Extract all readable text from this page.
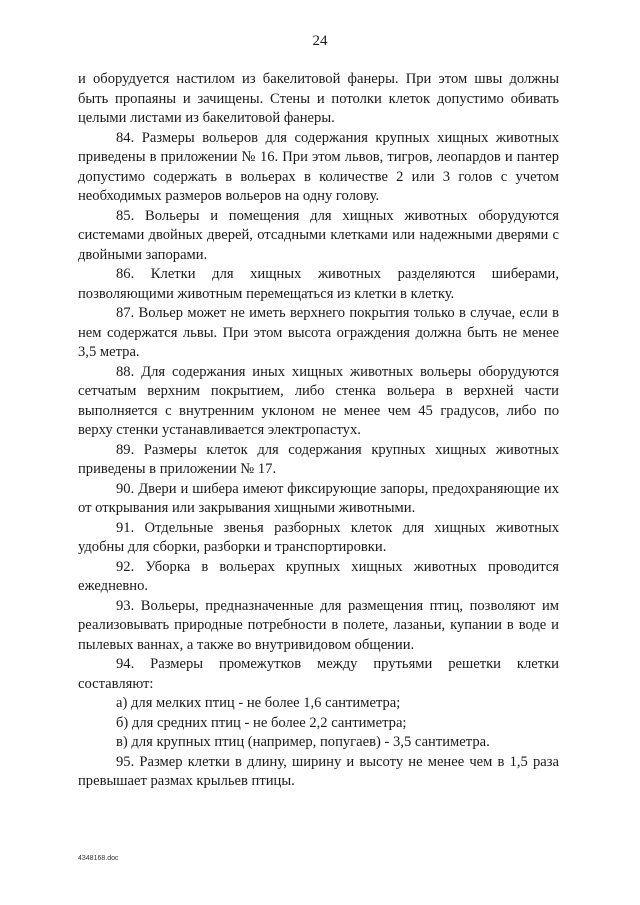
24

и оборудуется настилом из бакелитовой фанеры. При этом швы должны быть пропаяны и зачищены. Стены и потолки клеток допустимо обивать целыми листами из бакелитовой фанеры.

84. Размеры вольеров для содержания крупных хищных животных приведены в приложении № 16. При этом львов, тигров, леопардов и пантер допустимо содержать в вольерах в количестве 2 или 3 голов с учетом необходимых размеров вольеров на одну голову.

85. Вольеры и помещения для хищных животных оборудуются системами двойных дверей, отсадными клетками или надежными дверями с двойными запорами.

86. Клетки для хищных животных разделяются шиберами, позволяющими животным перемещаться из клетки в клетку.

87. Вольер может не иметь верхнего покрытия только в случае, если в нем содержатся львы. При этом высота ограждения должна быть не менее 3,5 метра.

88. Для содержания иных хищных животных вольеры оборудуются сетчатым верхним покрытием, либо стенка вольера в верхней части выполняется с внутренним уклоном не менее чем 45 градусов, либо по верху стенки устанавливается электропастух.

89. Размеры клеток для содержания крупных хищных животных приведены в приложении № 17.

90. Двери и шибера имеют фиксирующие запоры, предохраняющие их от открывания или закрывания хищными животными.

91. Отдельные звенья разборных клеток для хищных животных удобны для сборки, разборки и транспортировки.

92. Уборка в вольерах крупных хищных животных проводится ежедневно.

93. Вольеры, предназначенные для размещения птиц, позволяют им реализовывать природные потребности в полете, лазаньи, купании в воде и пылевых ваннах, а также во внутривидовом общении.

94. Размеры промежутков между прутьями решетки клетки составляют:

а) для мелких птиц - не более 1,6 сантиметра;

б) для средних птиц - не более 2,2 сантиметра;

в) для крупных птиц (например, попугаев) - 3,5 сантиметра.

95. Размер клетки в длину, ширину и высоту не менее чем в 1,5 раза превышает размах крыльев птицы.

4348168.doc
